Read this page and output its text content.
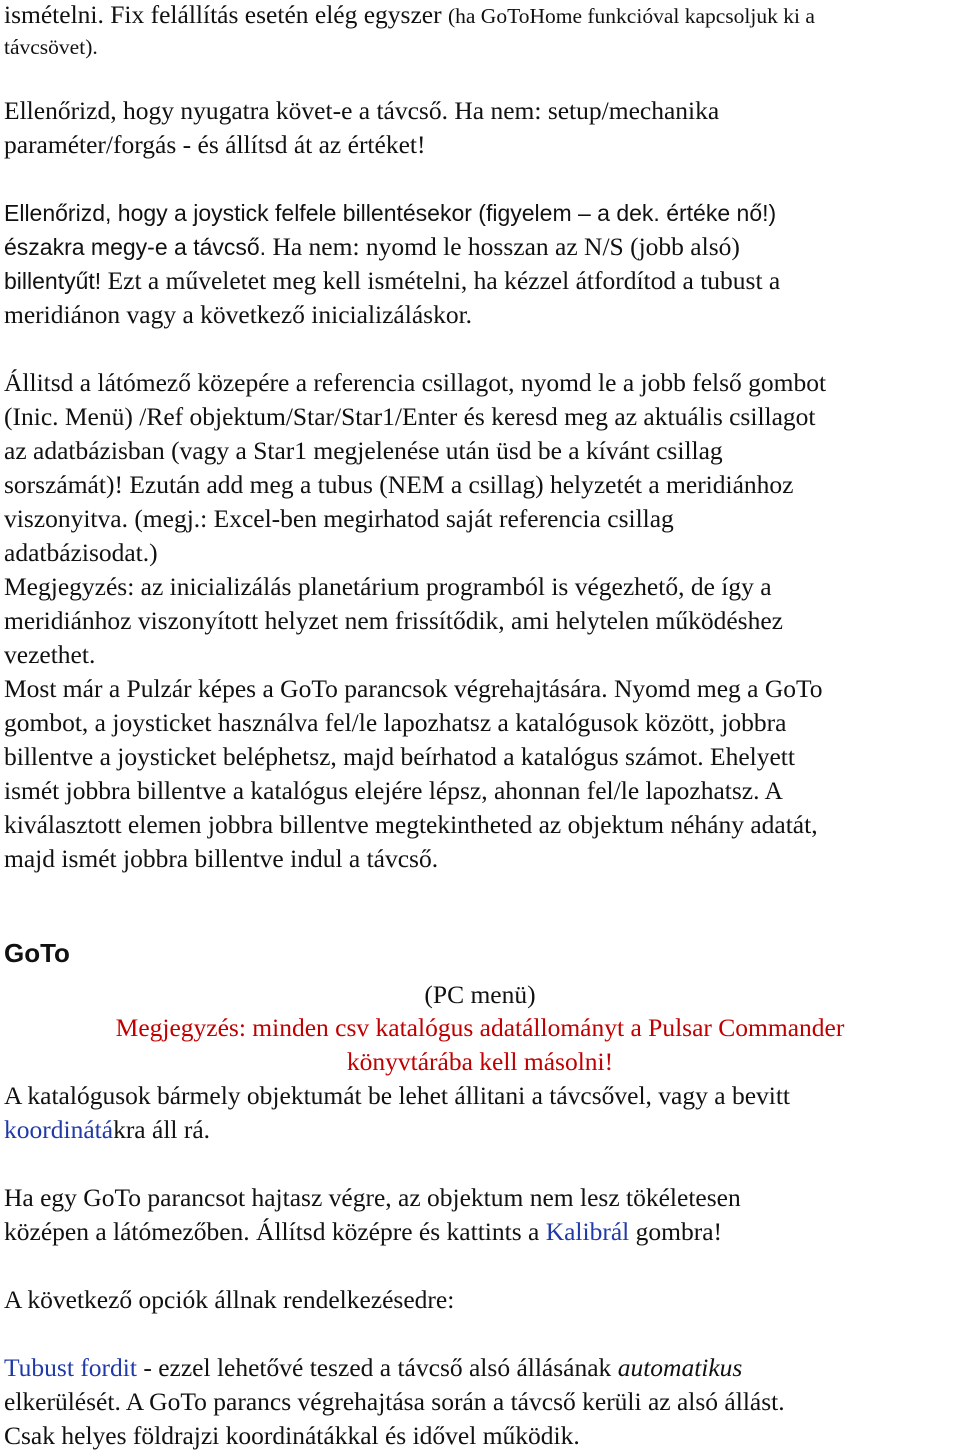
ismételni. Fix felállítás esetén elég egyszer (ha GoToHome funkcióval kapcsoljuk ki a
távcsövet).
Ellenőrizd, hogy nyugatra követ-e a távcső. Ha nem: setup/mechanika
paraméter/forgás - és állítsd át az értéket!
Ellenőrizd, hogy a joystick felfele billentésekor (figyelem – a dek. értéke nő!)
északra megy-e a távcső. Ha nem: nyomd le hosszan az N/S (jobb alsó)
billentyűt! Ezt a műveletet meg kell ismételni, ha kézzel átfordítod a tubust a
meridiánon vagy a következő inicializáláskor.
Állitsd a látómező közepére a referencia csillagot, nyomd le a jobb felső gombot
(Inic. Menü) /Ref objektum/Star/Star1/Enter és keresd meg az aktuális csillagot
az adatbázisban (vagy a Star1 megjelenése után üsd be a kívánt csillag
sorszámát)! Ezután add meg a tubus (NEM a csillag) helyzetét a meridiánhoz
viszonyitva. (megj.: Excel-ben megirhatod saját referencia csillag
adatbázisodat.)
Megjegyzés: az inicializálás planetárium programból is végezhető, de így a
meridiánhoz viszonyított helyzet nem frissítődik, ami helytelen működéshez
vezethet.
Most már a Pulzár képes a GoTo parancsok végrehajtására. Nyomd meg a GoTo
gombot, a joysticket használva fel/le lapozhatsz a katalógusok között, jobbra
billentve a joysticket beléphetsz, majd beírhatod a katalógus számot. Ehelyett
ismét jobbra billentve a katalógus elejére lépsz, ahonnan fel/le lapozhatsz. A
kiválasztott elemen jobbra billentve megtekintheted az objektum néhány adatát,
majd ismét jobbra billentve indul a távcső.
GoTo
(PC menü)
Megjegyzés: minden csv katalógus adatállományt a Pulsar Commander
könyvtárába kell másolni!
A katalógusok bármely objektumát be lehet állitani a távcsővel, vagy a bevitt
koordinátákra áll rá.
Ha egy GoTo parancsot hajtasz végre, az objektum nem lesz tökéletesen
középen a látómezőben. Állítsd középre és kattints a Kalibrál gombra!
A következő opciók állnak rendelkezésedre:
Tubust fordit - ezzel lehetővé teszed a távcső alsó állásának automatikus
elkerülését. A GoTo parancs végrehajtása során a távcső kerüli az alsó állást.
Csak helyes földrajzi koordinátákkal és idővel működik.
